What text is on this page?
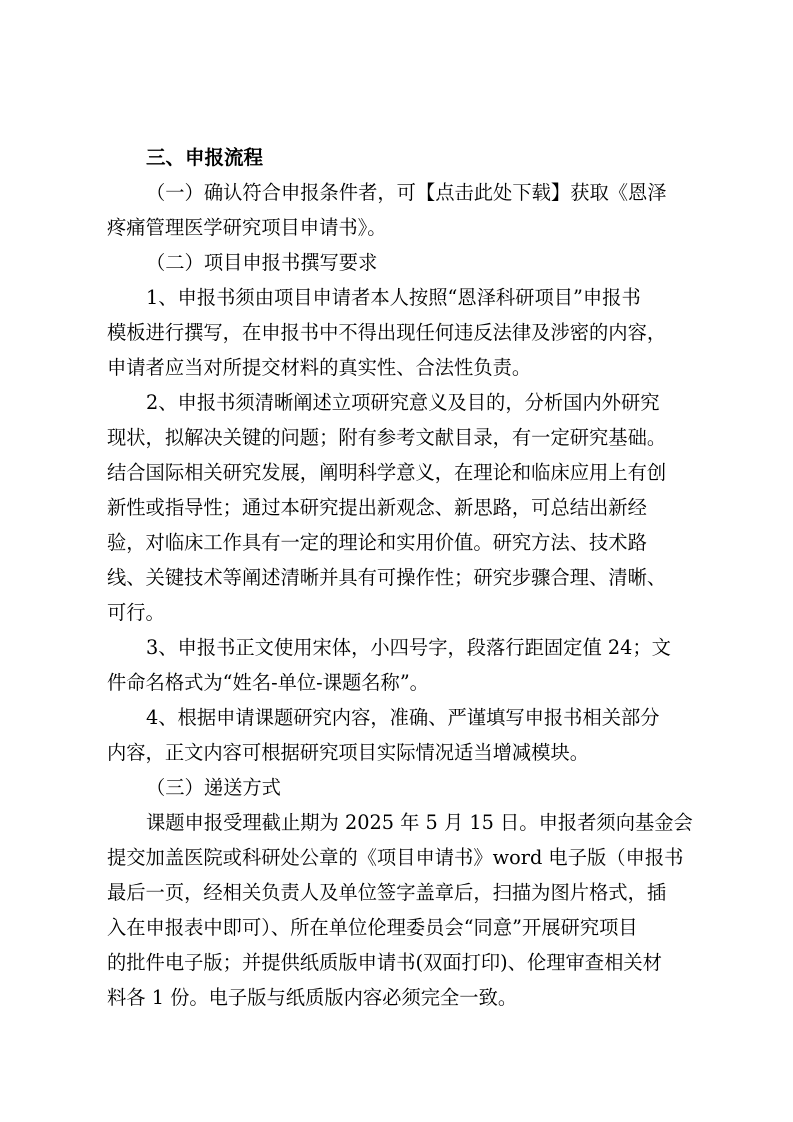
三、申报流程
（一）确认符合申报条件者，可【点击此处下载】获取《恩泽
疼痛管理医学研究项目申请书》。
（二）项目申报书撰写要求
1、申报书须由项目申请者本人按照“恩泽科研项目”申报书
模板进行撰写，在申报书中不得出现任何违反法律及涉密的内容，
申请者应当对所提交材料的真实性、合法性负责。
2、申报书须清晰阐述立项研究意义及目的，分析国内外研究
现状，拟解决关键的问题；附有参考文献目录，有一定研究基础。
结合国际相关研究发展，阐明科学意义，在理论和临床应用上有创
新性或指导性；通过本研究提出新观念、新思路，可总结出新经
验，对临床工作具有一定的理论和实用价值。研究方法、技术路
线、关键技术等阐述清晰并具有可操作性；研究步骤合理、清晰、
可行。
3、申报书正文使用宋体，小四号字，段落行距固定值 24；文
件命名格式为“姓名-单位-课题名称”。
4、根据申请课题研究内容，准确、严谨填写申报书相关部分
内容，正文内容可根据研究项目实际情况适当增减模块。
（三）递送方式
课题申报受理截止期为 2025 年 5 月 15 日。申报者须向基金会
提交加盖医院或科研处公章的《项目申请书》word 电子版（申报书
最后一页，经相关负责人及单位签字盖章后，扫描为图片格式，插
入在申报表中即可）、所在单位伦理委员会“同意”开展研究项目
的批件电子版；并提供纸质版申请书(双面打印)、伦理审查相关材
料各 1 份。电子版与纸质版内容必须完全一致。
